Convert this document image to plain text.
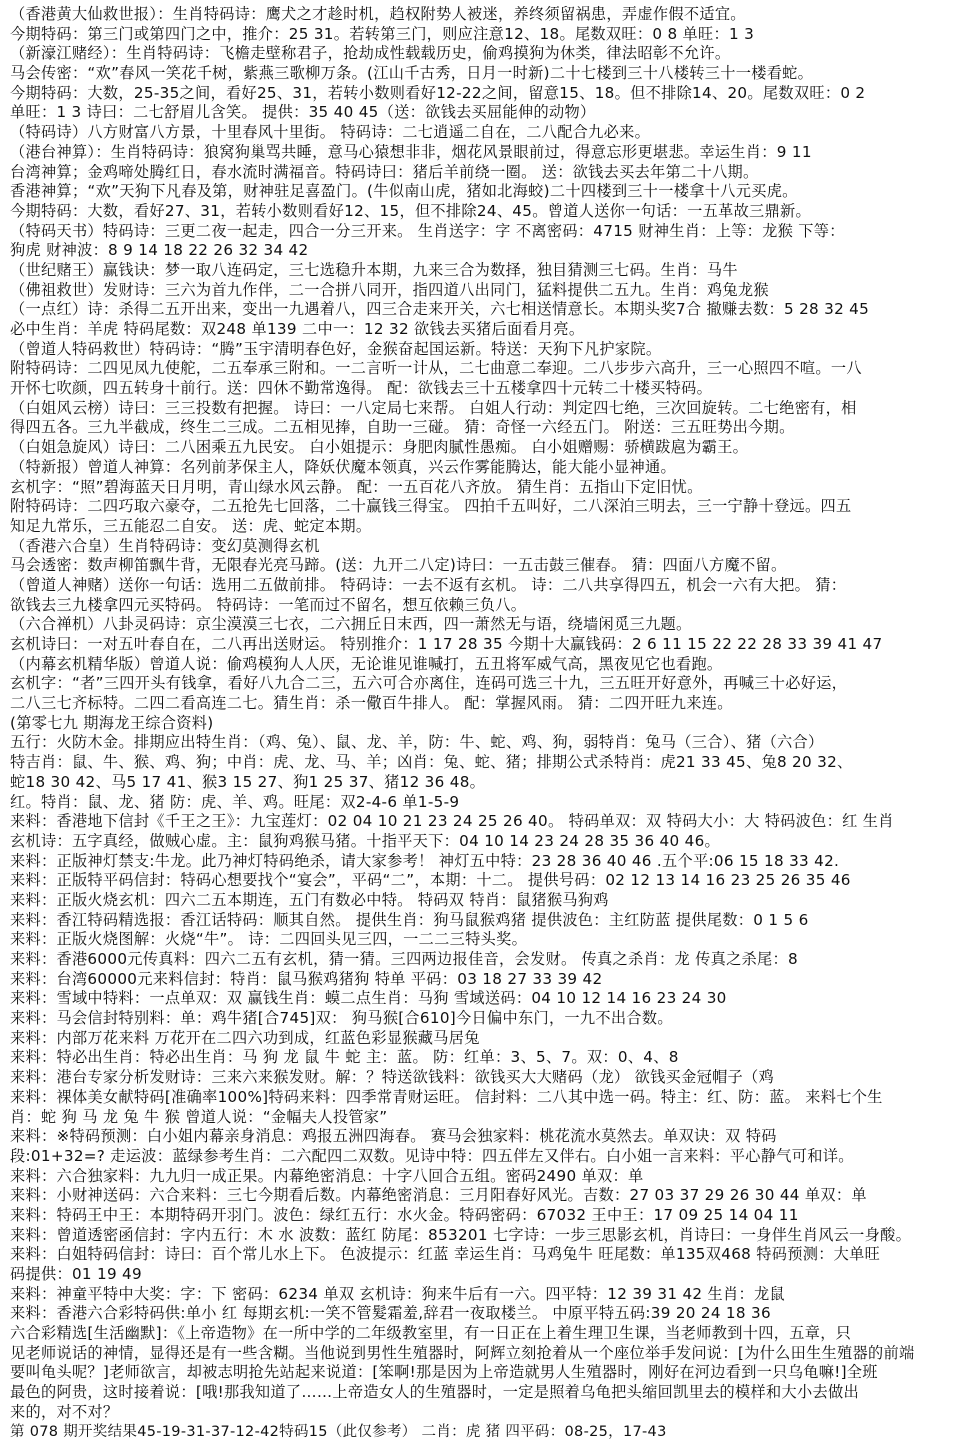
（香港黄大仙救世报）：生肖特码诗：鹰犬之才趁时机，趋权附势人被迷，养终须留祸患，弄虚作假不适宜。
今期特码：第三门或第四门之中，推介：25 31。若转第三门，则应注意12、18。尾数双旺：0 8 单旺：1 3
（新濠江赌经）：生肖特码诗：飞檐走壁称君子，抢劫成性载载历史，偷鸡摸狗为休类，律法昭彰不允许。
马会传密：“欢”春风一笑花千树，紫燕三歌柳万条。(江山千古秀，日月一时新)二十七楼到三十八楼转三十一楼看蛇。
今期特码：大数，25-35之间，看好25、31，若转小数则看好12-22之间，留意15、18。但不排除14、20。尾数双旺：0 2
单旺：1 3 诗曰：二七舒眉儿含笑。 提供：35 40 45（送：欲钱去买屈能伸的动物）
（特码诗）八方财富八方景，十里春风十里街。 特码诗：二七逍遥二自在，二八配合九必来。
（港台神算）：生肖特码诗：狼窝狗巢骂共睡，意马心猿想非非，烟花风景眼前过，得意忘形更堪悲。幸运生肖：9 11
台湾神算；金鸡啼处腾红日，春水流时满福音。特码诗曰：猪后羊前绕一圈。 送：欲钱去买去年第二十八期。
香港神算；“欢”天狗下凡春及第，财神驻足喜盈门。(牛似南山虎，猪如北海蛟)二十四楼到三十一楼拿十八元买虎。
今期特码：大数，看好27、31，若转小数则看好12、15，但不排除24、45。曾道人送你一句话：一五革故三鼎新。
（特码天书）特码诗：三更二夜一起走，四合一分三开来。 生肖送字：字 不离密码：4715 财神生肖：上等：龙猴 下等：
狗虎 财神波：8 9 14 18 22 26 32 34 42
（世纪赌王）赢钱诀：梦一取八连码定，三七选稳升本期，九来三合为数择，独目猜测三七码。生肖：马牛
（佛祖救世）发财诗：三六为首九作伴，二一合拼八同开，指四道八出同门，猛料提供二五九。生肖：鸡兔龙猴
（一点红）诗：杀得二五开出来，变出一九遇着八，四三合走来开关，六七相送情意长。本期头奖7合 撤赚去数：5 28 32 45
必中生肖：羊虎 特码尾数：双248 单139 二中一：12 32 欲钱去买猪后面看月亮。
（曾道人特码救世）特码诗：“腾”玉宇清明春色好，金猴奋起国运新。特送：天狗下凡护家院。
附特码诗：二四见凤九使舵，二五奉承三附和。一二言听一计从，二七曲意二奉迎。二八步步六高升，三一心照四不喧。一八
开怀七吹颜，四五转身十前行。送：四休不勤常逸得。 配：欲钱去三十五楼拿四十元转二十楼买特码。
（白姐风云榜）诗曰：三三投数有把握。 诗曰：一八定局七来帮。 白姐人行动：判定四七绝，三次回旋转。二七绝密有，相
得四五各。三九半截成，终生二三成。二五相见捧，自助一三碰。 猜：奇怪一六经五门。 附送：三五旺势出今期。
（白姐急旋风）诗曰：二八困乘五九民安。 白小姐提示：身肥肉腻性愚痴。 白小姐赠赐：骄横跋扈为霸王。
（特新报）曾道人神算：名列前茅保主人，降妖伏魔本领真，兴云作雾能腾达，能大能小显神通。
玄机字：“照”碧海蓝天日月明，青山绿水风云静。 配：一五百花八齐放。 猜生肖：五指山下定旧忧。
附特码诗：二四巧取六豪夺，二五抢先七回落，二十赢钱三得宝。 四拍千五叫好，二八深泊三明去，三一宁静十登远。四五
知足九常乐，三五能忍二自安。 送：虎、蛇定本期。
（香港六合皇）生肖特码诗：变幻莫测得玄机
马会透密：数声柳笛飘牛背，无限春光亮马蹄。(送：九开二八定)诗曰：一五击鼓三催春。 猜：四面八方魔不留。
（曾道人神赌）送你一句话：选用二五做前排。 特码诗：一去不返有玄机。 诗：二八共享得四五，机会一六有大把。 猜：
欲钱去三九楼拿四元买特码。 特码诗：一笔而过不留名，想互依赖三负八。
（六合禅机）八卦灵码诗：京尘漠漠三七衣，二六拥丘日末西，四一萧然无与语，绕墙闲觅三九题。
玄机诗曰：一对五叶春自在，二八再出送财运。 特别推介：1 17 28 35 今期十大赢钱码：2 6 11 15 22 22 28 33 39 41 47
（内幕玄机精华版）曾道人说：偷鸡模狗人人厌，无论谁见谁喊打，五丑将军威气高，黑夜见它也看跑。
玄机字：“者”三四开头有钱拿，看好八九合二三，五六可合亦离住，连码可选三十九，三五旺开好意外，再喊三十必好运，
二八三七齐标特。二四二看高连二七。猜生肖：杀一儆百牛排人。 配：掌握风雨。 猜：二四开旺九来连。
(第零七九 期海龙王综合资料)
五行：火防木金。排期应出特生肖：（鸡、兔）、鼠、龙、羊，防：牛、蛇、鸡、狗，弱特肖：兔马（三合）、猪（六合）
特吉肖：鼠、牛、猴、鸡、狗；中肖：虎、龙、马、羊；凶肖：兔、蛇、猪；排期公式杀特肖：虎21 33 45、兔8 20 32、
蛇18 30 42、马5 17 41、猴3 15 27、狗1 25 37、猪12 36 48。
红。特肖：鼠、龙、猪 防：虎、羊、鸡。旺尾：双2-4-6 单1-5-9
来料：香港地下信封《千王之王》：九宝莲灯：02 04 10 21 23 24 25 26 40。 特码单双：双 特码大小：大 特码波色：红 生肖
玄机诗：五字真经，做贼心虚。主：鼠狗鸡猴马猪。十指平天下：04 10 14 23 24 28 35 36 40 46。
来料：正版神灯禁支:牛龙。此乃神灯特码绝杀，请大家参考！ 神灯五中特：23 28 36 40 46 .五个平:06 15 18 33 42.
来料：正版特平码信封：特码心想要找个“宴会”，平码“二”，本期：十二。 提供号码：02 12 13 14 16 23 25 26 35 46
来料：正版火烧玄机：四六二五本期连，五门有数必中特。 特码双 特肖：鼠猪猴马狗鸡
来料：香江特码精选报：香江话特码：顺其自然。 提供生肖：狗马鼠猴鸡猪 提供波色：主红防蓝 提供尾数：0 1 5 6
来料：正版火烧图解：火烧“牛”。 诗：二四回头见三四，一二二三特头奖。
来料：香港6000元传真料：四六二五有玄机，猜一猜。三四两边报佳音，会发财。 传真之杀肖：龙 传真之杀尾：8
来料：台湾60000元来料信封：特肖：鼠马猴鸡猪狗 特单 平码：03 18 27 33 39 42
来料：雪域中特料：一点单双：双 赢钱生肖：蟆二点生肖：马狗 雪域送码：04 10 12 14 16 23 24 30
来料：马会信封特别料：单：鸡牛猪[合745]双： 狗马猴[合610]今日偏中东门，一九不出合数。
来料：内部万花来料 万花开在二四六功到成，红蓝色彩显猴藏马居兔
来料：特必出生肖：特必出生肖：马 狗 龙 鼠 牛 蛇 主：蓝。 防：红单：3、5、7。双：0、4、8
来料：港台专家分析发财诗：三来六来猴发财。解：？特送欲钱料：欲钱买大大赌码（龙） 欲钱买金冠帽子（鸡
来料：裸体美女献特码[准确率100%]特码来料：四季常青财运旺。 信封料：二八其中选一码。特主：红、防：蓝。 来料七个生
肖：蛇 狗 马 龙 兔 牛 猴 曾道人说：“金幅夫人投管家”
来料：※特码预测：白小姐内幕亲身消息：鸡报五洲四海春。 赛马会独家料：桃花流水莫然去。单双诀：双 特码
段:01+32=? 走运波：蓝绿参考生肖：二六配四二双数。见诗中特：四五伴左又伴右。白小姐一言来料：平心静气可和详。
来料：六合独家料：九九归一成正果。内幕绝密消息：十字八回合五组。密码2490 单双：单
来料：小财神送码：六合来料：三七今期看后数。内幕绝密消息：三月阳春好风光。吉数：27 03 37 29 26 30 44 单双：单
来料：特码王中王：本期特码开羽门。波色：绿红五行：水火金。特码密码：67032 王中王：17 09 25 14 04 11
来料：曾道透密函信封：字内五行：木 水 波数：蓝红 防尾：853201 七字诗：一步三思影玄机，肖诗曰：一身伴生肖风云一身酸。
来料：白姐特码信封：诗曰：百个常儿水上下。 色波提示：红蓝 幸运生肖：马鸡兔牛 旺尾数：单135双468 特码预测：大单旺
码提供：01 19 49
来料：神童平特中大奖：字：下 密码：6234 单双 玄机诗：狗来牛后有一六。四平特：12 39 31 42 生肖：龙鼠
来料：香港六合彩特码供:单小 红 每期玄机:一笑不管髮霜羞,辞君一夜取楼兰。 中原平特五码:39 20 24 18 36
六合彩精选[生活幽默]：《上帝造物》在一所中学的二年级教室里，有一日正在上着生理卫生课，当老师教到十四，五章，只
见老师说话的神情，显得还是有一些含糊。当他说到男性生殖器时，阿辉立刻抢着从一个座位举手发问说：[为什么田生生殖器的前端
要叫龟头呢？]老师欲言，却被志明抢先站起来说道：[笨啊!那是因为上帝造就男人生殖器时，刚好在河边看到一只乌龟嘛!]全班
最色的阿贵，这时接着说：[哦!那我知道了……上帝造女人的生殖器时，一定是照着乌龟把头缩回凯里去的模样和大小去做出
来的，对不对？
第 078 期开奖结果45-19-31-37-12-42特码15（此仅参考） 二肖：虎 猪 四平码：08-25，17-43
